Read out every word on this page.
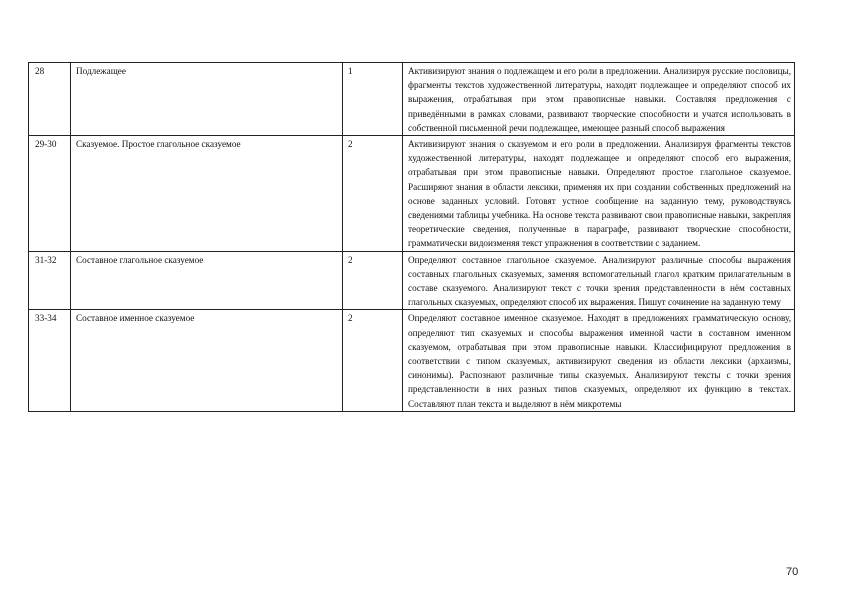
28	Подлежащее	1	Активизируют знания о подлежащем и его роли в предложении. Анализируя русские пословицы, фрагменты текстов художественной литературы, находят подлежащее и определяют способ их выражения, отрабатывая при этом правописные навыки. Составляя предложения с приведёнными в рамках словами, развивают творческие способности и учатся использовать в собственной письменной речи подлежащее, имеющее разный способ выражения
29-30	Сказуемое. Простое глагольное сказуемое	2	Активизируют знания о сказуемом и его роли в предложении. Анализируя фрагменты текстов художественной литературы, находят подлежащее и определяют способ его выражения, отрабатывая при этом правописные навыки. Определяют простое глагольное сказуемое. Расширяют знания в области лексики, применяя их при создании собственных предложений на основе заданных условий. Готовят устное сообщение на заданную тему, руководствуясь сведениями таблицы учебника. На основе текста развивают свои правописные навыки, закрепляя теоретические сведения, полученные в параграфе, развивают творческие способности, грамматически видоизменяя текст упражнения в соответствии с заданием.
31-32	Составное глагольное сказуемое	2	Определяют составное глагольное сказуемое. Анализируют различные способы выражения составных глагольных сказуемых, заменяя вспомогательный глагол кратким прилагательным в составе сказуемого. Анализируют текст с точки зрения представленности в нём составных глагольных сказуемых, определяют способ их выражения. Пишут сочинение на заданную тему
33-34	Составное именное сказуемое	2	Определяют составное именное сказуемое. Находят в предложениях грамматическую основу, определяют тип сказуемых и способы выражения именной части в составном именном сказуемом, отрабатывая при этом правописные навыки. Классифицируют предложения в соответствии с типом сказуемых, активизируют сведения из области лексики (архаизмы, синонимы). Распознают различные типы сказуемых. Анализируют тексты с точки зрения представленности в них разных типов сказуемых, определяют их функцию в текстах. Составляют план текста и выделяют в нём микротемы
70
